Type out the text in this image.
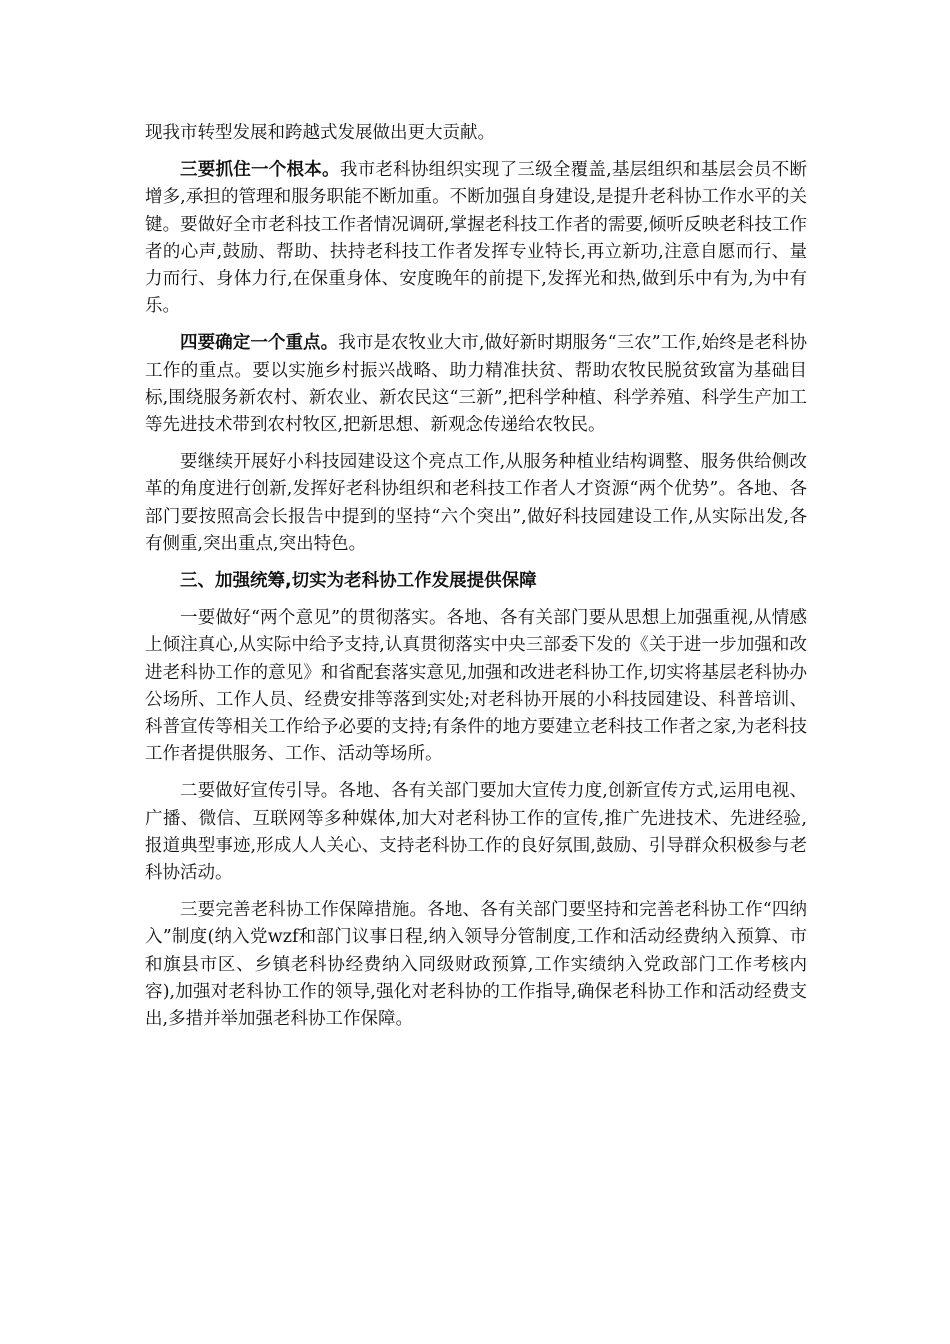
现我市转型发展和跨越式发展做出更大贡献。

三要抓住一个根本。我市老科协组织实现了三级全覆盖,基层组织和基层会员不断增多,承担的管理和服务职能不断加重。不断加强自身建设,是提升老科协工作水平的关键。要做好全市老科技工作者情况调研,掌握老科技工作者的需要,倾听反映老科技工作者的心声,鼓励、帮助、扶持老科技工作者发挥专业特长,再立新功,注意自愿而行、量力而行、身体力行,在保重身体、安度晚年的前提下,发挥光和热,做到乐中有为,为中有乐。

四要确定一个重点。我市是农牧业大市,做好新时期服务“三农”工作,始终是老科协工作的重点。要以实施乡村振兴战略、助力精准扶贫、帮助农牧民脱贫致富为基础目标,围绕服务新农村、新农业、新农民这“三新”,把科学种植、科学养殖、科学生产加工等先进技术带到农村牧区,把新思想、新观念传递给农牧民。

要继续开展好小科技园建设这个亮点工作,从服务种植业结构调整、服务供给侧改革的角度进行创新,发挥好老科协组织和老科技工作者人才资源“两个优势”。各地、各部门要按照高会长报告中提到的坚持“六个突出”,做好科技园建设工作,从实际出发,各有侧重,突出重点,突出特色。

三、加强统筹,切实为老科协工作发展提供保障

一要做好“两个意见”的贯彻落实。各地、各有关部门要从思想上加强重视,从情感上倾注真心,从实际中给予支持,认真贯彻落实中央三部委下发的《关于进一步加强和改进老科协工作的意见》和省配套落实意见,加强和改进老科协工作,切实将基层老科协办公场所、工作人员、经费安排等落到实处;对老科协开展的小科技园建设、科普培训、科普宣传等相关工作给予必要的支持;有条件的地方要建立老科技工作者之家,为老科技工作者提供服务、工作、活动等场所。

二要做好宣传引导。各地、各有关部门要加大宣传力度,创新宣传方式,运用电视、广播、微信、互联网等多种媒体,加大对老科协工作的宣传,推广先进技术、先进经验,报道典型事迹,形成人人关心、支持老科协工作的良好氛围,鼓励、引导群众积极参与老科协活动。

三要完善老科协工作保障措施。各地、各有关部门要坚持和完善老科协工作“四纳入”制度(纳入党wzf和部门议事日程,纳入领导分管制度,工作和活动经费纳入预算、市和旗县市区、乡镇老科协经费纳入同级财政预算,工作实绩纳入党政部门工作考核内容),加强对老科协工作的领导,强化对老科协的工作指导,确保老科协工作和活动经费支出,多措并举加强老科协工作保障。
